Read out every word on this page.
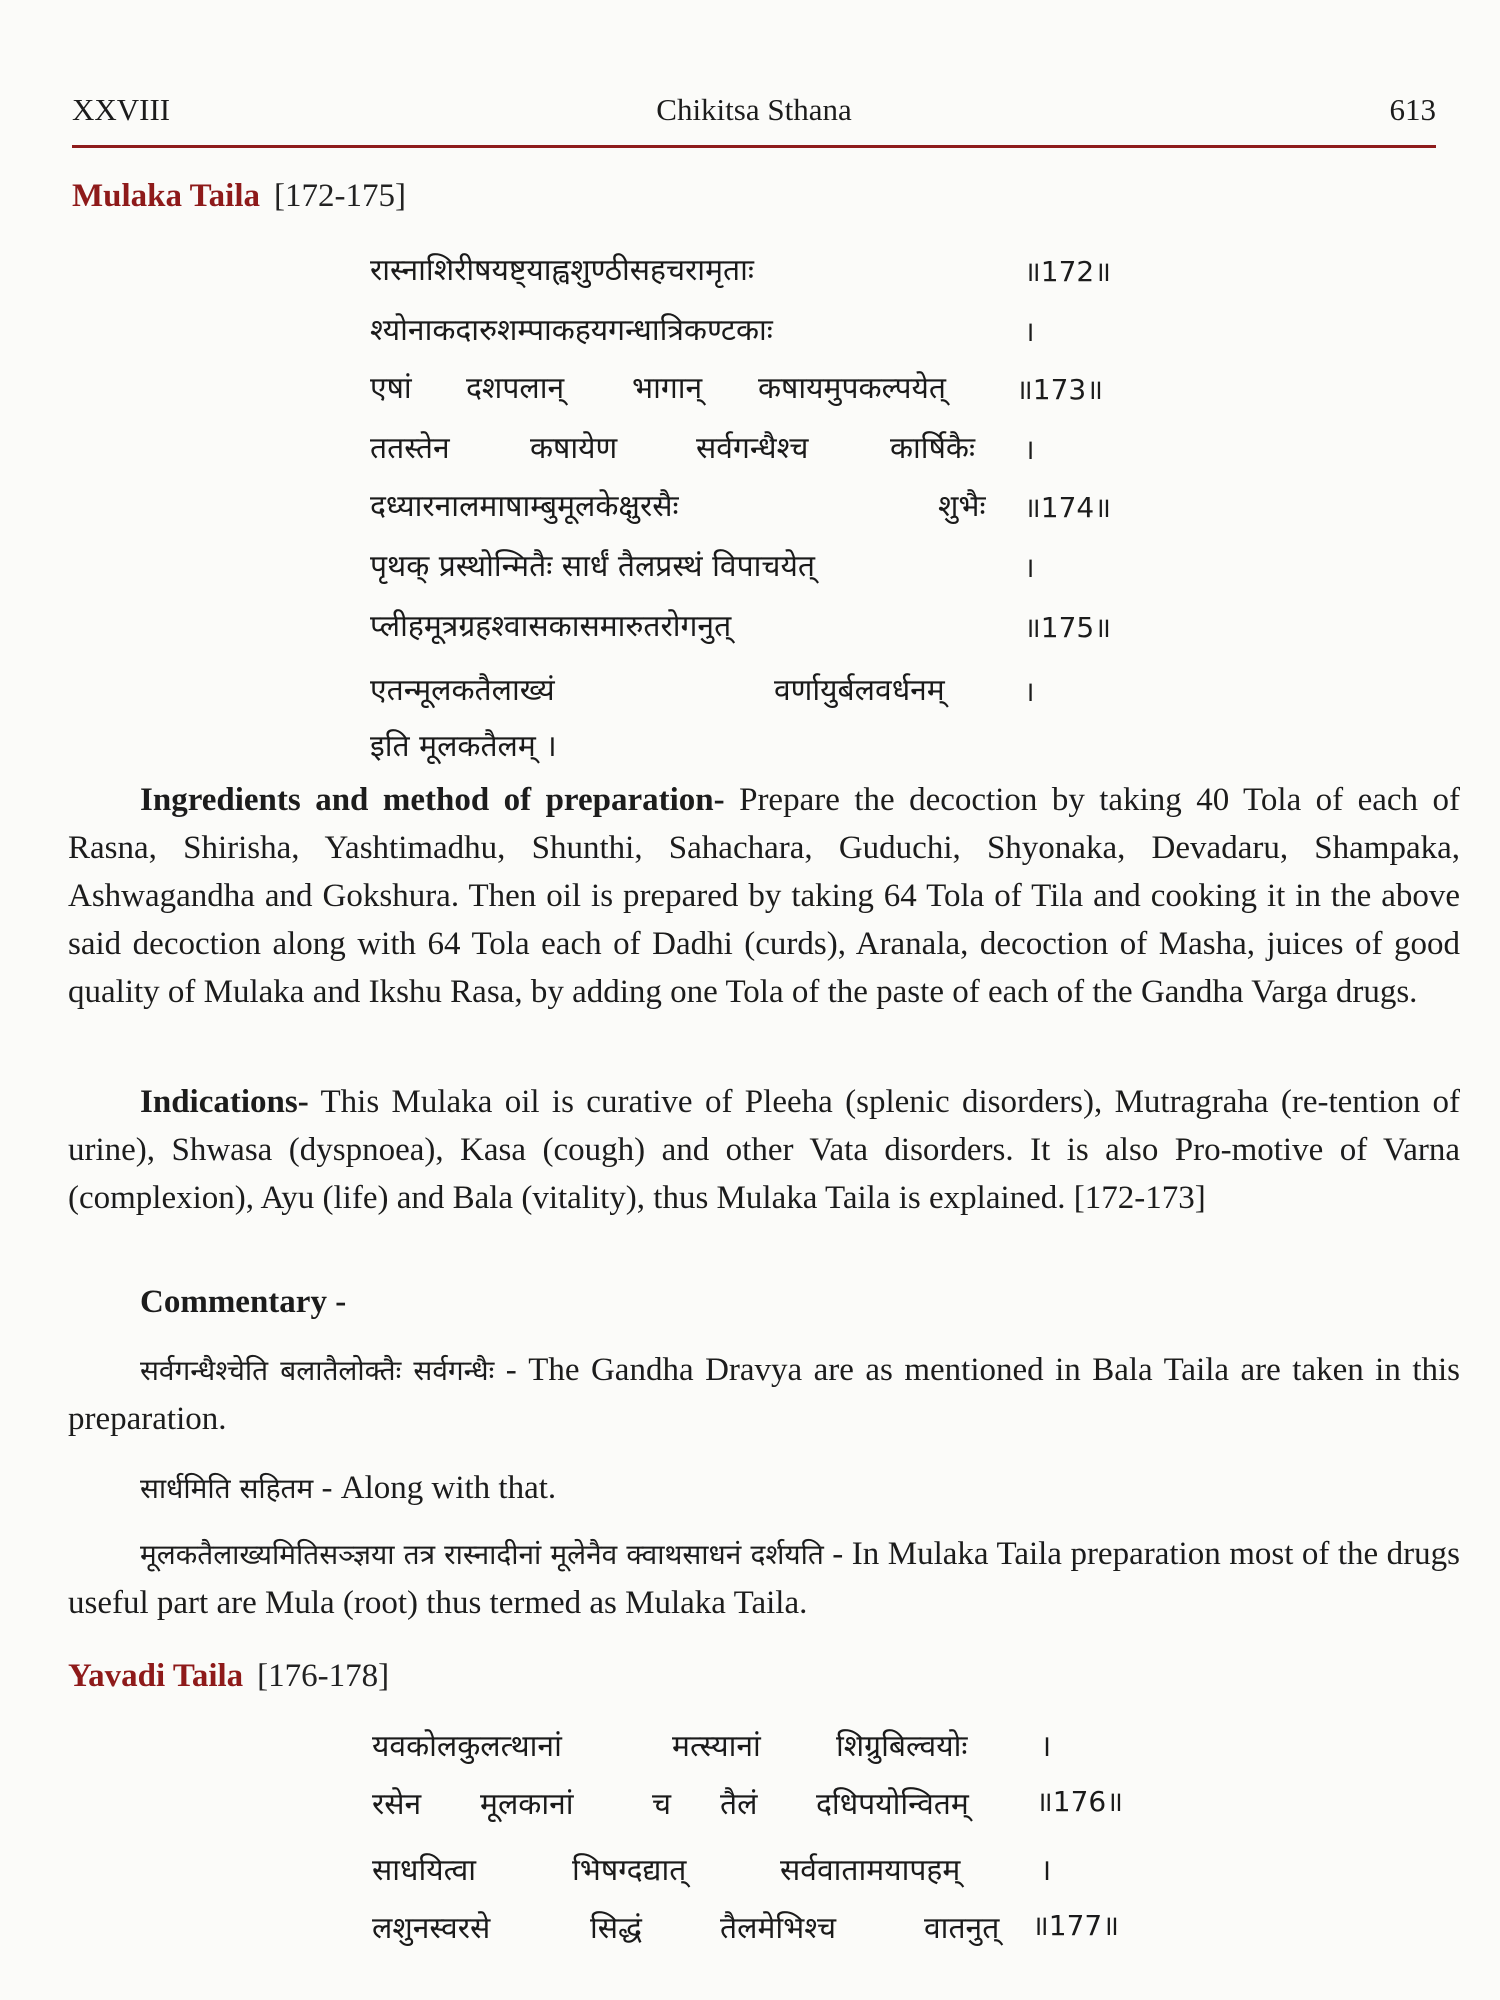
XXVIII	Chikitsa Sthana	613
Mulaka Taila [172-175]
रास्नाशिरीषयष्ट्याह्वशुण्ठीसहचरामृताः	॥172॥
श्योनाकदारुशम्पाकहयगन्धात्रिकण्टकाः	।
एषां दशपलान् भागान् कषायमुपकल्पयेत्	॥173॥
ततस्तेन	कषायेण	सर्वगन्धैश्च	कार्षिकैः ।
दध्यारनालमाषाम्बुमूलकेक्षुरसैः	शुभैः ॥174॥
पृथक् प्रस्थोन्मितैः सार्धं तैलप्रस्थं विपाचयेत्	।
प्लीहमूत्रग्रहश्वासकासमारुतरोगनुत्	॥175॥
एतन्मूलकतैलाख्यं	वर्णायुर्बलवर्धनम्	।
इति मूलकतैलम् ।
Ingredients and method of preparation- Prepare the decoction by taking 40 Tola of each of Rasna, Shirisha, Yashtimadhu, Shunthi, Sahachara, Guduchi, Shyonaka, Devadaru, Shampaka, Ashwagandha and Gokshura. Then oil is prepared by taking 64 Tola of Tila and cooking it in the above said decoction along with 64 Tola each of Dadhi (curds), Aranala, decoction of Masha, juices of good quality of Mulaka and Ikshu Rasa, by adding one Tola of the paste of each of the Gandha Varga drugs.
Indications- This Mulaka oil is curative of Pleeha (splenic disorders), Mutragraha (re-tention of urine), Shwasa (dyspnoea), Kasa (cough) and other Vata disorders. It is also Pro-motive of Varna (complexion), Ayu (life) and Bala (vitality), thus Mulaka Taila is explained. [172-173]
Commentary -
सर्वगन्धैश्चेति बलातैलोक्तैः सर्वगन्धैः - The Gandha Dravya are as mentioned in Bala Taila are taken in this preparation.
सार्धमिति सहितम - Along with that.
मूलकतैलाख्यमितिसञ्ज्ञया तत्र रास्नादीनां मूलेनैव क्वाथसाधनं दर्शयति - In Mulaka Taila preparation most of the drugs useful part are Mula (root) thus termed as Mulaka Taila.
Yavadi Taila [176-178]
यवकोलकुलत्थानां	मत्स्यानां	शिग्रुबिल्वयोः ।
रसेन मूलकानां	च तैलं दधिपयोन्वितम् ॥176॥
साधयित्वा	भिषग्दद्यात्	सर्ववातामयापहम्	।
लशुनस्वरसे	सिद्धं	तैलमेभिश्च	वातनुत् ॥177॥
